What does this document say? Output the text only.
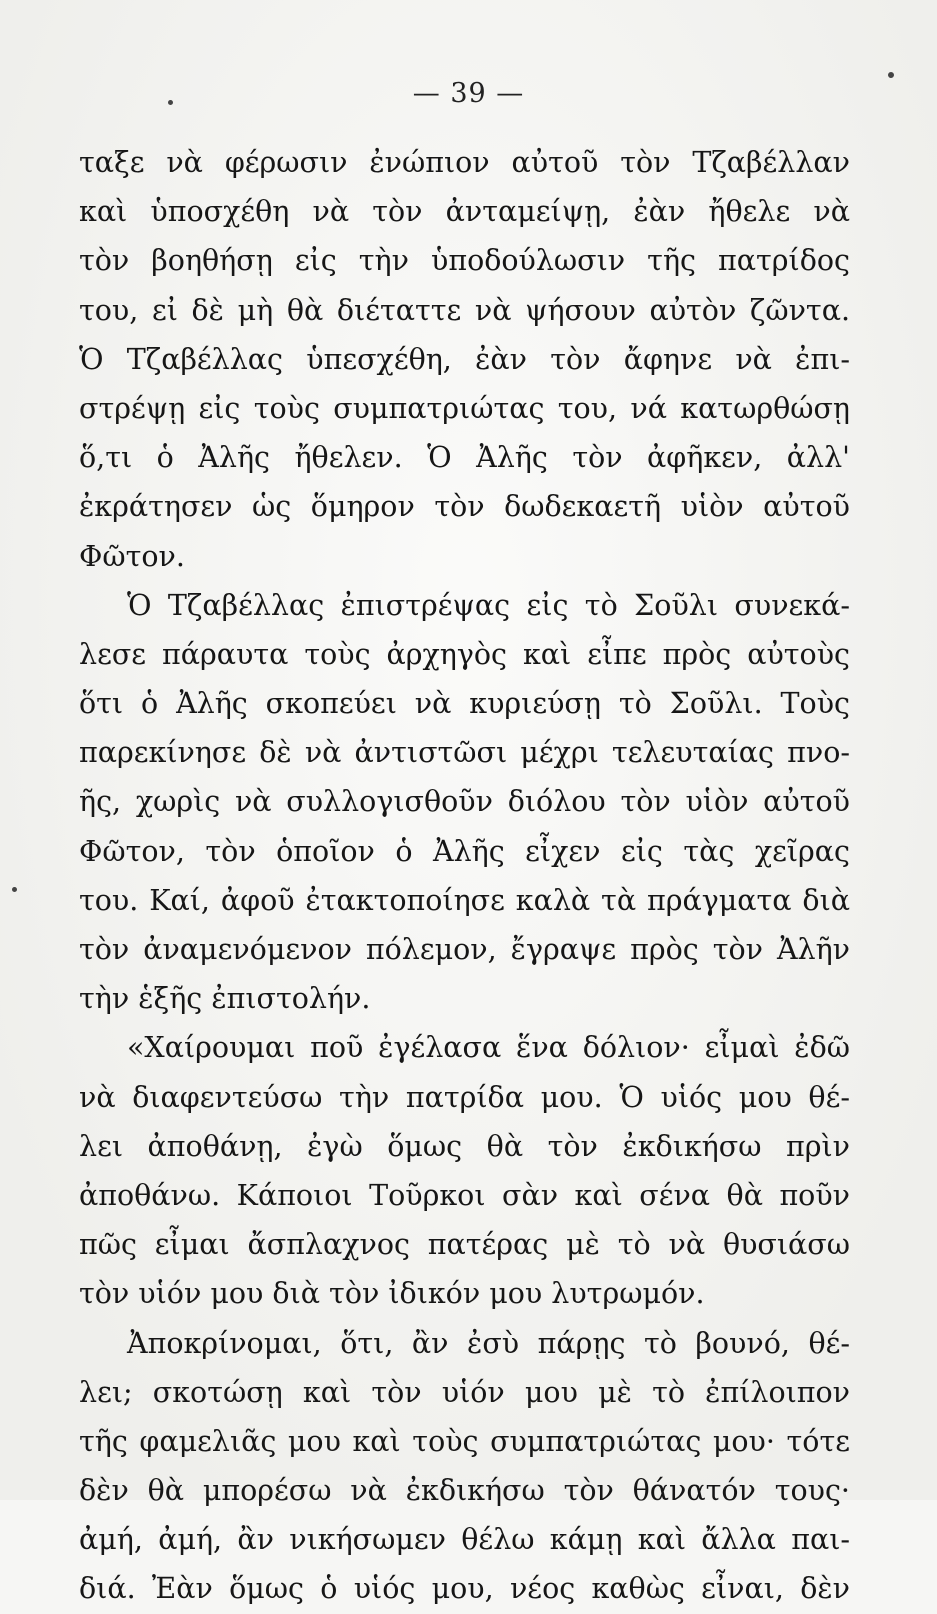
— 39 —
ταξε νὰ φέρωσιν ἐνώπιον αὐτοῦ τὸν Τζαβέλλαν
καὶ ὑποσχέθη νὰ τὸν ἀνταμείψῃ, ἐὰν ἤθελε νὰ
τὸν βοηθήσῃ εἰς τὴν ὑποδούλωσιν τῆς πατρίδος
του, εἰ δὲ μὴ θὰ διέταττε νὰ ψήσουν αὐτὸν ζῶντα.
Ὁ Τζαβέλλας ὑπεσχέθη, ἐὰν τὸν ἄφηνε νὰ ἐπι-
στρέψῃ εἰς τοὺς συμπατριώτας του, νά κατωρθώσῃ
ὅ,τι ὁ Ἀλῆς ἤθελεν. Ὁ Ἀλῆς τὸν ἀφῆκεν, ἀλλ'
ἐκράτησεν ὡς ὅμηρον τὸν δωδεκαετῆ υἱὸν αὐτοῦ
Φῶτον.
Ὁ Τζαβέλλας ἐπιστρέψας εἰς τὸ Σοῦλι συνεκά-
λεσε πάραυτα τοὺς ἀρχηγὸς καὶ εἶπε πρὸς αὐτοὺς
ὅτι ὁ Ἀλῆς σκοπεύει νὰ κυριεύσῃ τὸ Σοῦλι. Τοὺς
παρεκίνησε δὲ νὰ ἀντιστῶσι μέχρι τελευταίας πνο-
ῆς, χωρὶς νὰ συλλογισθοῦν διόλου τὸν υἱὸν αὐτοῦ
Φῶτον, τὸν ὁποῖον ὁ Ἀλῆς εἶχεν εἰς τὰς χεῖρας
του. Καί, ἀφοῦ ἐτακτοποίησε καλὰ τὰ πράγματα διὰ
τὸν ἀναμενόμενον πόλεμον, ἔγραψε πρὸς τὸν Ἀλῆν
τὴν ἑξῆς ἐπιστολήν.
«Χαίρουμαι ποῦ ἐγέλασα ἕνα δόλιον· εἶμαὶ ἐδῶ
νὰ διαφεντεύσω τὴν πατρίδα μου. Ὁ υἱός μου θέ-
λει ἀποθάνῃ, ἐγὼ ὅμως θὰ τὸν ἐκδικήσω πρὶν
ἀποθάνω. Κάποιοι Τοῦρκοι σὰν καὶ σένα θὰ ποῦν
πῶς εἶμαι ἄσπλαχνος πατέρας μὲ τὸ νὰ θυσιάσω
τὸν υἱόν μου διὰ τὸν ἰδικόν μου λυτρωμόν.
Ἀποκρίνομαι, ὅτι, ἂν ἐσὺ πάρῃς τὸ βουνό, θέ-
λει; σκοτώσῃ καὶ τὸν υἱόν μου μὲ τὸ ἐπίλοιπον
τῆς φαμελιᾶς μου καὶ τοὺς συμπατριώτας μου· τότε
δὲν θὰ μπορέσω νὰ ἐκδικήσω τὸν θάνατόν τους·
ἀμή, ἀμή, ἂν νικήσωμεν θέλω κάμῃ καὶ ἄλλα παι-
διά. Ἐὰν ὅμως ὁ υἱός μου, νέος καθὼς εἶναι, δὲν
